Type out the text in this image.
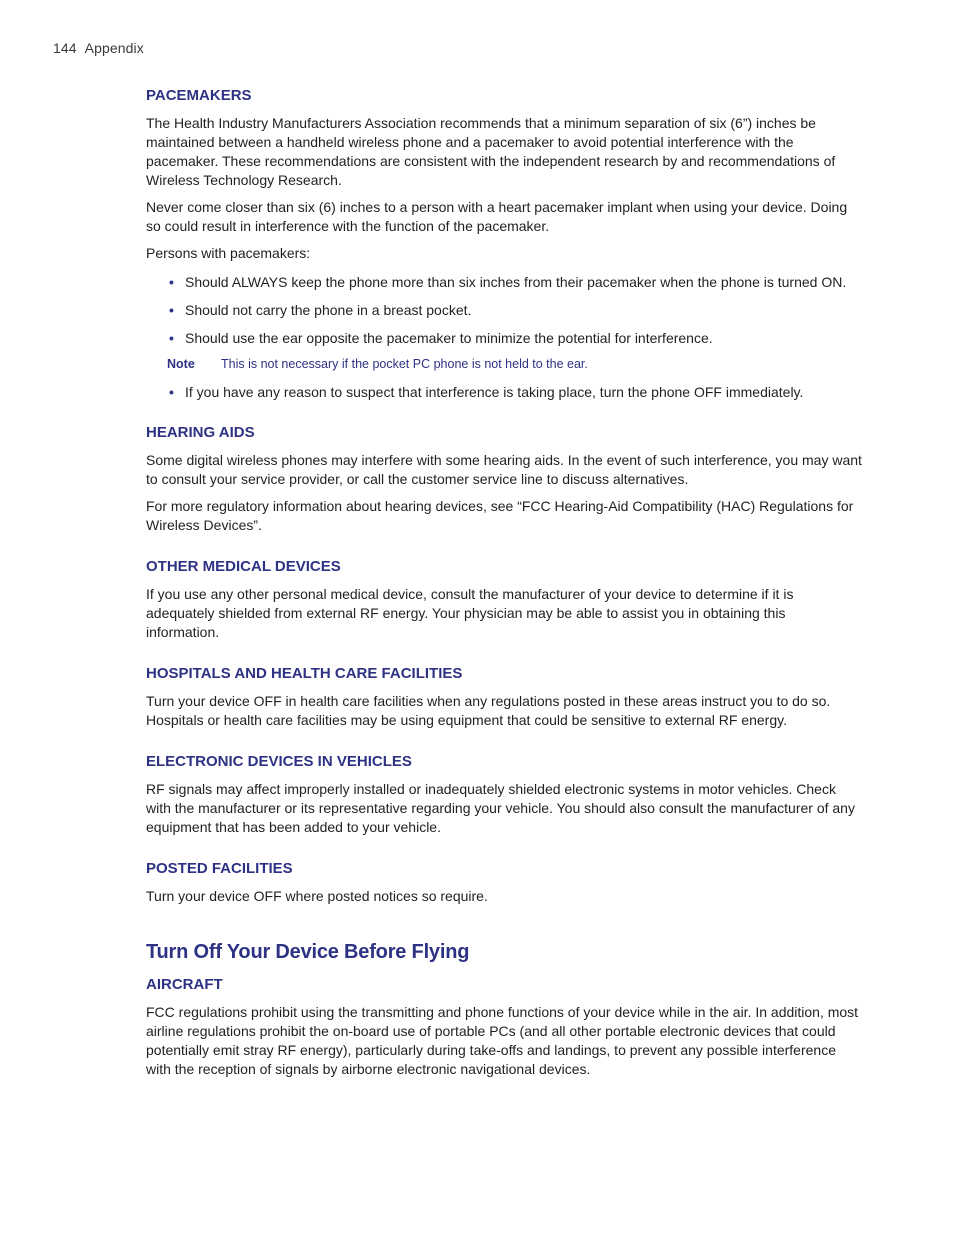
144 Appendix
PACEMAKERS

The Health Industry Manufacturers Association recommends that a minimum separation of six (6”) inches be maintained between a handheld wireless phone and a pacemaker to avoid potential interference with the pacemaker. These recommendations are consistent with the independent research by and recommendations of Wireless Technology Research.

Never come closer than six (6) inches to a person with a heart pacemaker implant when using your device. Doing so could result in interference with the function of the pacemaker.

Persons with pacemakers:

• Should ALWAYS keep the phone more than six inches from their pacemaker when the phone is turned ON.
• Should not carry the phone in a breast pocket.
• Should use the ear opposite the pacemaker to minimize the potential for interference.
Note	This is not necessary if the pocket PC phone is not held to the ear.
• If you have any reason to suspect that interference is taking place, turn the phone OFF immediately.
HEARING AIDS

Some digital wireless phones may interfere with some hearing aids. In the event of such interference, you may want to consult your service provider, or call the customer service line to discuss alternatives.

For more regulatory information about hearing devices, see “FCC Hearing-Aid Compatibility (HAC) Regulations for Wireless Devices”.

OTHER MEDICAL DEVICES

If you use any other personal medical device, consult the manufacturer of your device to determine if it is adequately shielded from external RF energy. Your physician may be able to assist you in obtaining this information.

HOSPITALS AND HEALTH CARE FACILITIES

Turn your device OFF in health care facilities when any regulations posted in these areas instruct you to do so. Hospitals or health care facilities may be using equipment that could be sensitive to external RF energy.

ELECTRONIC DEVICES IN VEHICLES

RF signals may affect improperly installed or inadequately shielded electronic systems in motor vehicles. Check with the manufacturer or its representative regarding your vehicle. You should also consult the manufacturer of any equipment that has been added to your vehicle.

POSTED FACILITIES

Turn your device OFF where posted notices so require.

Turn Off Your Device Before Flying
AIRCRAFT

FCC regulations prohibit using the transmitting and phone functions of your device while in the air. In addition, most airline regulations prohibit the on-board use of portable PCs (and all other portable electronic devices that could potentially emit stray RF energy), particularly during take-offs and landings, to prevent any possible interference with the reception of signals by airborne electronic navigational devices.
